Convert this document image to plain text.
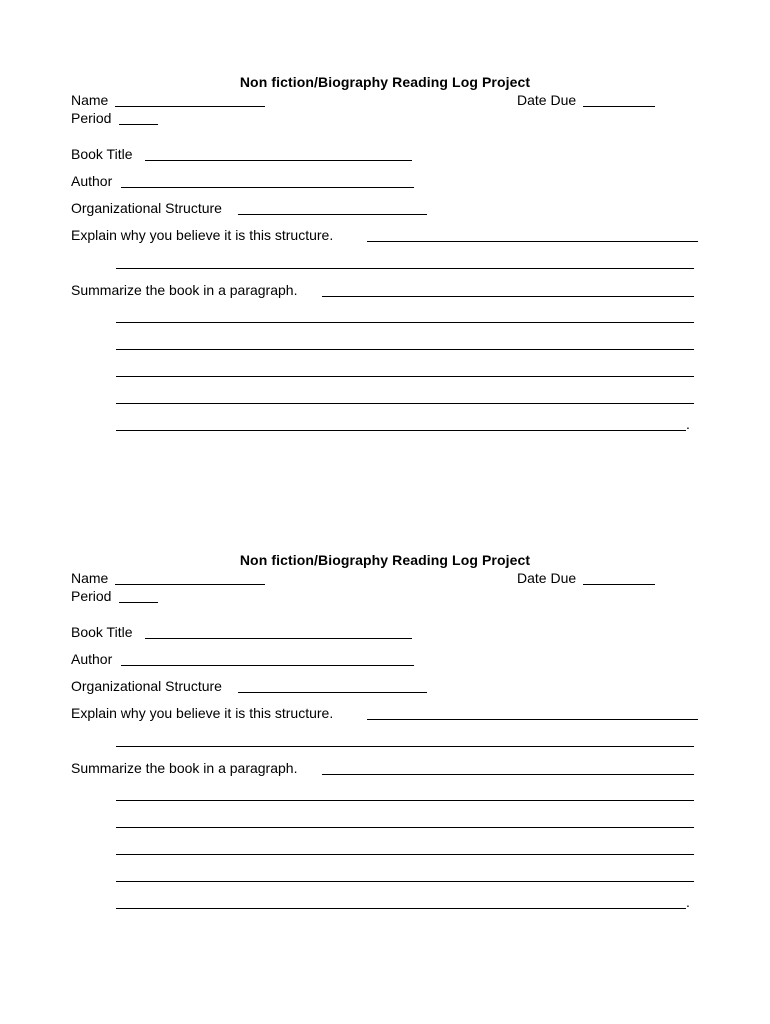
Non fiction/Biography Reading Log Project
Name	Date Due
Period
Book Title
Author
Organizational Structure
Explain why you believe it is this structure.
Summarize the book in a paragraph.
.
Non fiction/Biography Reading Log Project
Name	Date Due
Period
Book Title
Author
Organizational Structure
Explain why you believe it is this structure.
Summarize the book in a paragraph.
.
